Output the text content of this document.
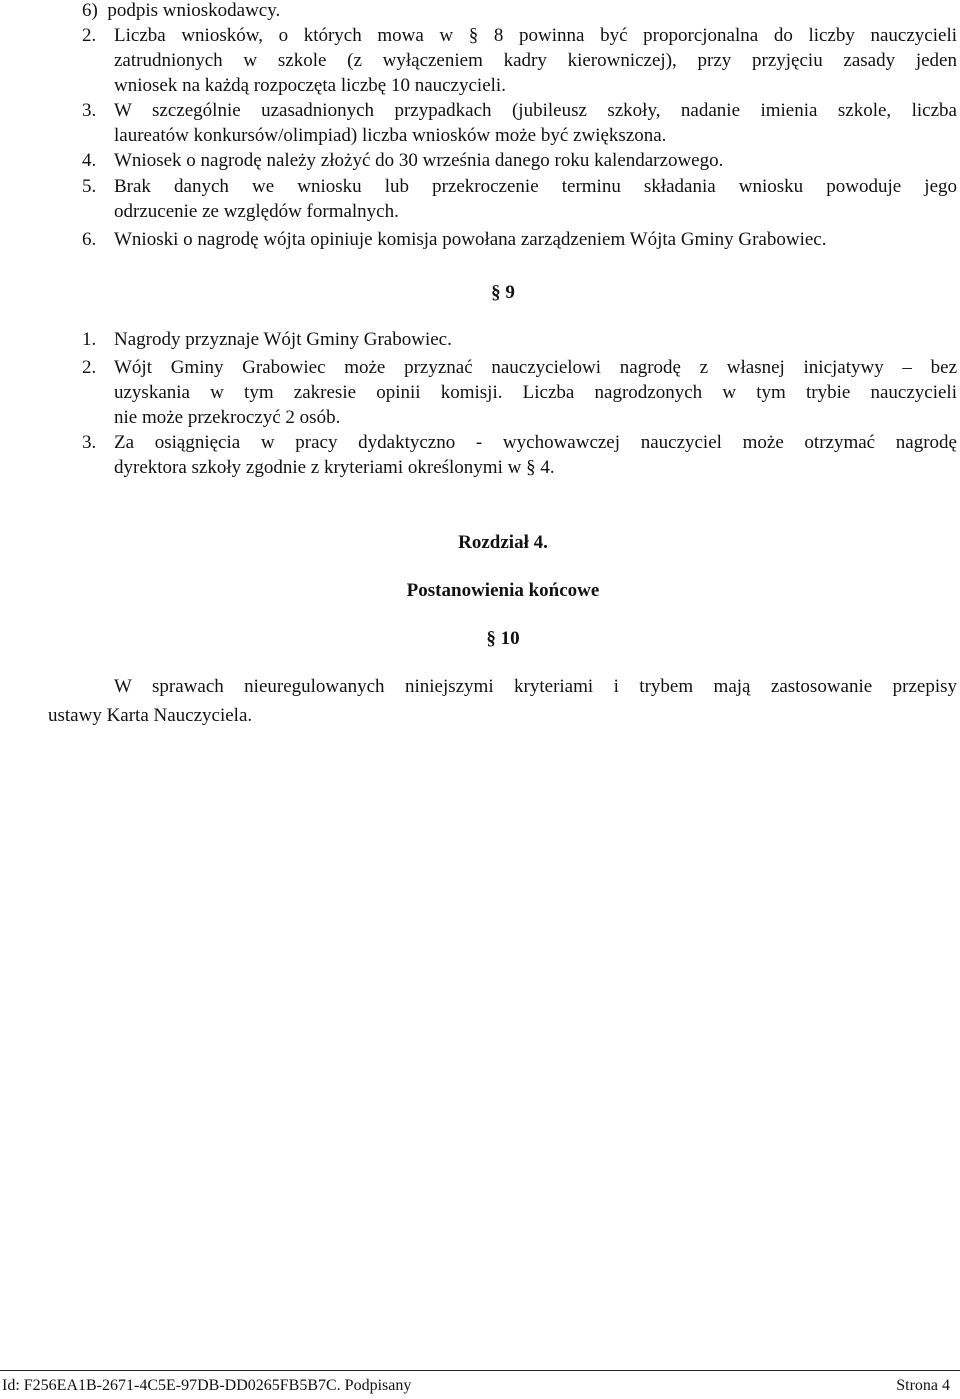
6)  podpis wnioskodawcy.
2. Liczba wniosków, o których mowa w § 8 powinna być proporcjonalna do liczby nauczycieli
zatrudnionych w szkole (z wyłączeniem kadry kierowniczej), przy przyjęciu zasady jeden
wniosek na każdą rozpoczęta liczbę 10 nauczycieli.
3. W szczególnie uzasadnionych przypadkach (jubileusz szkoły, nadanie imienia szkole, liczba
laureatów konkursów/olimpiad) liczba wniosków może być zwiększona.
4. Wniosek o nagrodę należy złożyć do 30 września danego roku kalendarzowego.
5. Brak danych we wniosku lub przekroczenie terminu składania wniosku powoduje jego
odrzucenie ze względów formalnych.
6. Wnioski o nagrodę wójta opiniuje komisja powołana zarządzeniem Wójta Gminy Grabowiec.
§ 9
1. Nagrody przyznaje Wójt Gminy Grabowiec.
2. Wójt Gminy Grabowiec może przyznać nauczycielowi nagrodę z własnej inicjatywy – bez
uzyskania w tym zakresie opinii komisji. Liczba nagrodzonych w tym trybie nauczycieli
nie może przekroczyć 2 osób.
3. Za osiągnięcia w pracy dydaktyczno - wychowawczej nauczyciel może otrzymać nagrodę
dyrektora szkoły zgodnie z kryteriami określonymi w § 4.
Rozdział 4.
Postanowienia końcowe
§ 10
W sprawach nieuregulowanych niniejszymi kryteriami i trybem mają zastosowanie przepisy
ustawy Karta Nauczyciela.
Id: F256EA1B-2671-4C5E-97DB-DD0265FB5B7C. Podpisany	Strona 4
